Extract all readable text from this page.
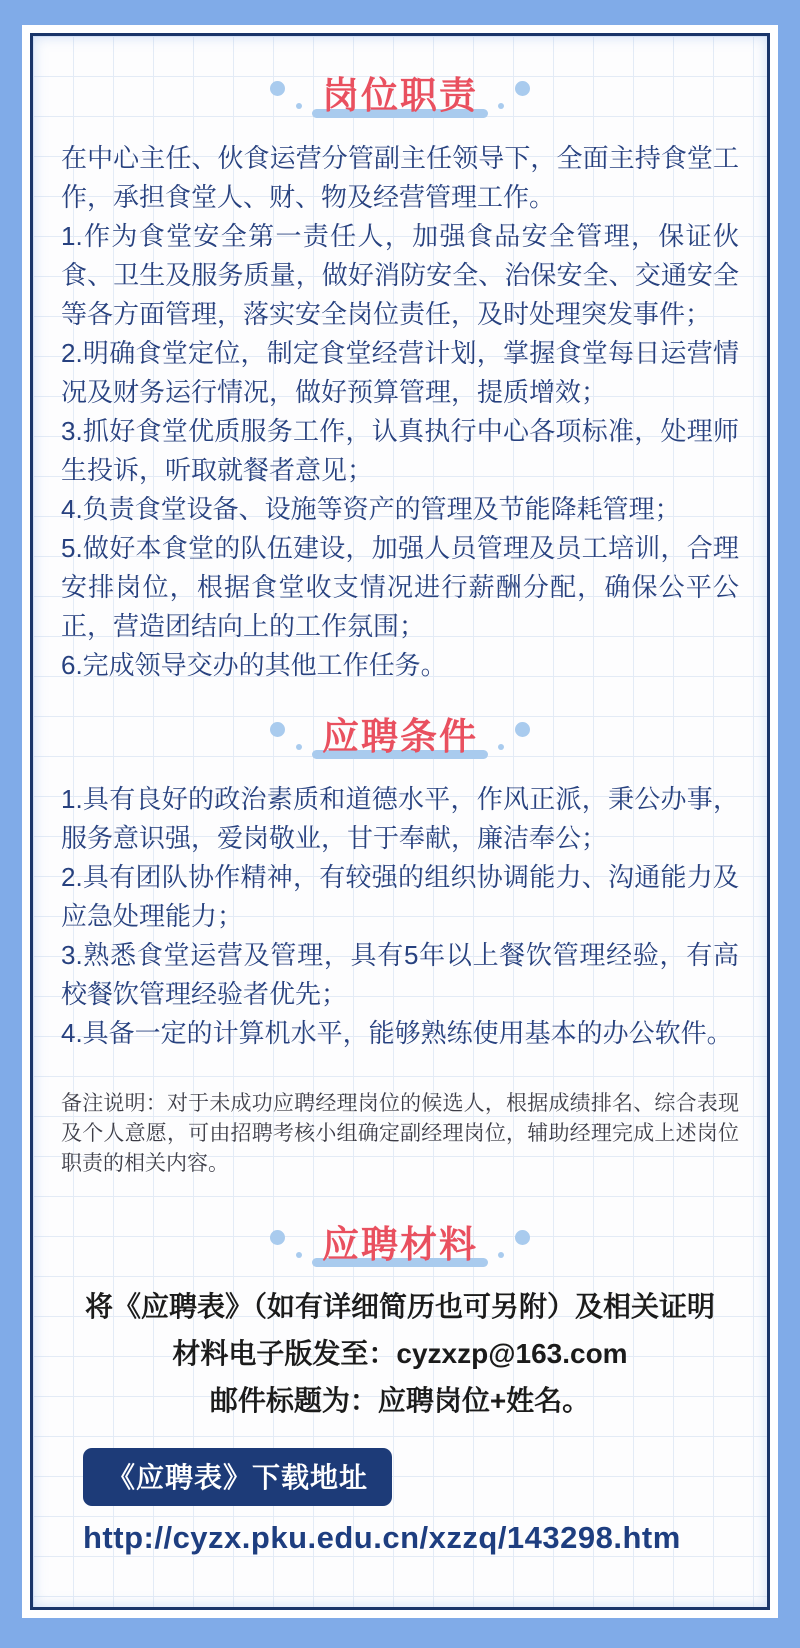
岗位职责

在中心主任、伙食运营分管副主任领导下，全面主持食堂工作，承担食堂人、财、物及经营管理工作。

1.作为食堂安全第一责任人，加强食品安全管理，保证伙食、卫生及服务质量，做好消防安全、治保安全、交通安全等各方面管理，落实安全岗位责任，及时处理突发事件；

2.明确食堂定位，制定食堂经营计划，掌握食堂每日运营情况及财务运行情况，做好预算管理，提质增效；

3.抓好食堂优质服务工作，认真执行中心各项标准，处理师生投诉，听取就餐者意见；

4.负责食堂设备、设施等资产的管理及节能降耗管理；

5.做好本食堂的队伍建设，加强人员管理及员工培训，合理安排岗位，根据食堂收支情况进行薪酬分配，确保公平公正，营造团结向上的工作氛围；

6.完成领导交办的其他工作任务。

应聘条件

1.具有良好的政治素质和道德水平，作风正派，秉公办事，服务意识强，爱岗敬业，甘于奉献，廉洁奉公；

2.具有团队协作精神，有较强的组织协调能力、沟通能力及应急处理能力；

3.熟悉食堂运营及管理，具有5年以上餐饮管理经验，有高校餐饮管理经验者优先；

4.具备一定的计算机水平，能够熟练使用基本的办公软件。

备注说明：对于未成功应聘经理岗位的候选人，根据成绩排名、综合表现及个人意愿，可由招聘考核小组确定副经理岗位，辅助经理完成上述岗位职责的相关内容。

应聘材料

将《应聘表》（如有详细简历也可另附）及相关证明

材料电子版发至：cyzxzp@163.com

邮件标题为：应聘岗位+姓名。

《应聘表》下载地址
http://cyzx.pku.edu.cn/xzzq/143298.htm
